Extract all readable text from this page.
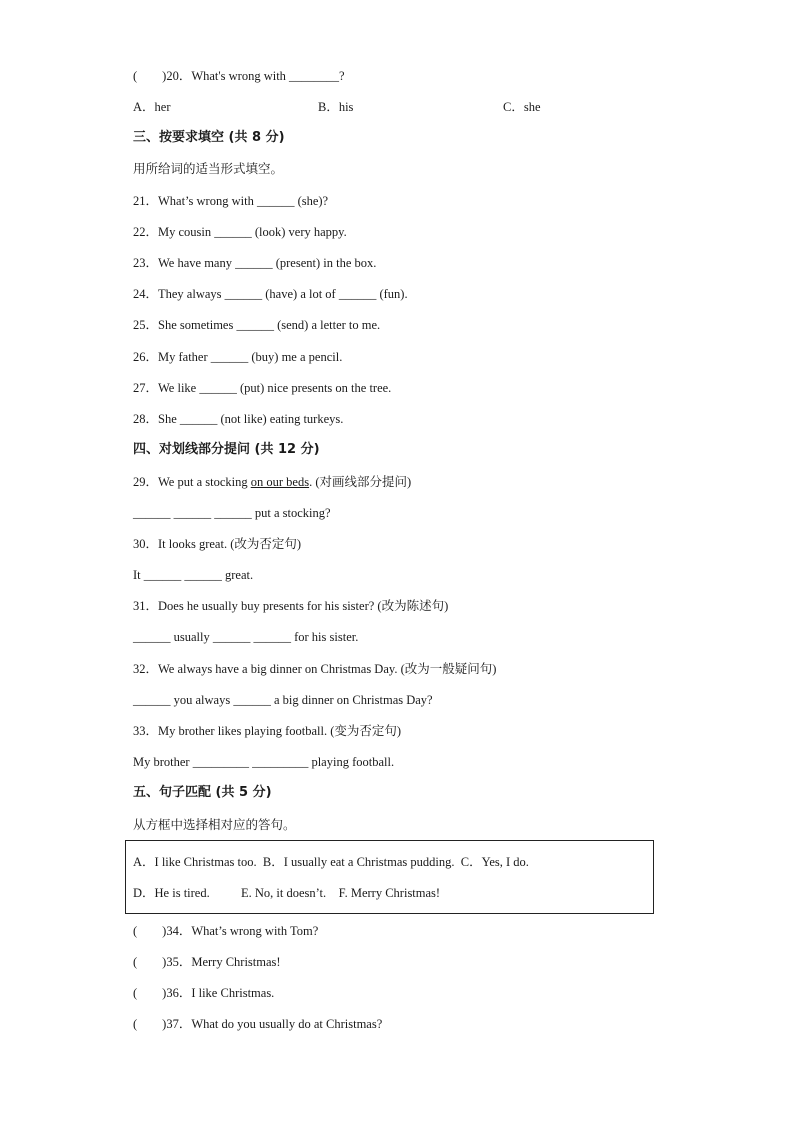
(        )20．What's wrong with ________?
A．her	B．his	C．she
三、按要求填空 (共 8 分)
用所给词的适当形式填空。
21．What’s wrong with ______ (she)?
22．My cousin ______ (look) very happy.
23．We have many ______ (present) in the box.
24．They always ______ (have) a lot of ______ (fun).
25．She sometimes ______ (send) a letter to me.
26．My father ______ (buy) me a pencil.
27．We like ______ (put) nice presents on the tree.
28．She ______ (not like) eating turkeys.
四、对划线部分提问 (共 12 分)
29．We put a stocking on our beds. (对画线部分提问)
______ ______ ______ put a stocking?
30．It looks great. (改为否定句)
It ______ ______ great.
31．Does he usually buy presents for his sister? (改为陈述句)
______ usually ______ ______ for his sister.
32．We always have a big dinner on Christmas Day. (改为一般疑问句)
______ you always ______ a big dinner on Christmas Day?
33．My brother likes playing football. (变为否定句)
My brother _________ _________ playing football.
五、句子匹配 (共 5 分)
从方框中选择相对应的答句。
A．I like Christmas too.  B．I usually eat a Christmas pudding.  C．Yes, I do.
D．He is tired.          E. No, it doesn’t.    F. Merry Christmas!
(        )34．What’s wrong with Tom?
(        )35．Merry Christmas!
(        )36．I like Christmas.
(        )37．What do you usually do at Christmas?
